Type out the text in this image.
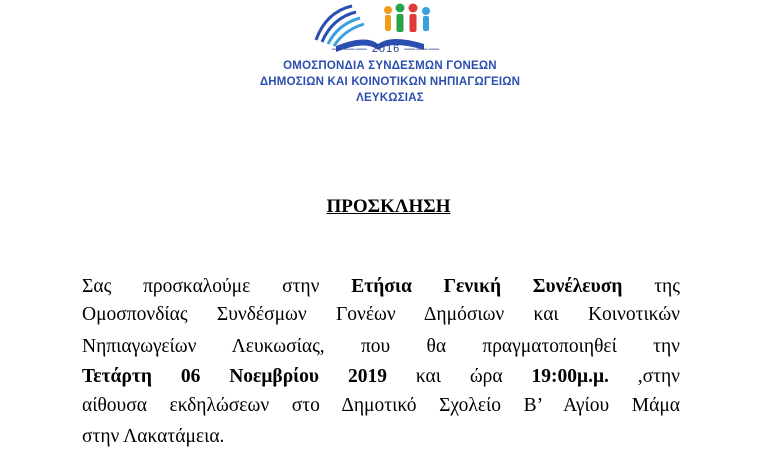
——— 2016 ———
ΟΜΟΣΠΟΝΔΙΑ ΣΥΝΔΕΣΜΩΝ ΓΟΝΕΩΝ
ΔΗΜΟΣΙΩΝ ΚΑΙ ΚΟΙΝΟΤΙΚΩΝ ΝΗΠΙΑΓΩΓΕΙΩΝ
ΛΕΥΚΩΣΙΑΣ
ΠΡΟΣΚΛΗΣΗ
Σας προσκαλούμε στην Ετήσια Γενική Συνέλευση της
Ομοσπονδίας Συνδέσμων Γονέων Δημόσιων και Κοινοτικών
Νηπιαγωγείων Λευκωσίας, που θα πραγματοποιηθεί την
Τετάρτη 06 Νοεμβρίου 2019 και ώρα 19:00μ.μ. ,στην
αίθουσα εκδηλώσεων στο Δημοτικό Σχολείο Β’ Αγίου Μάμα
στην Λακατάμεια.
